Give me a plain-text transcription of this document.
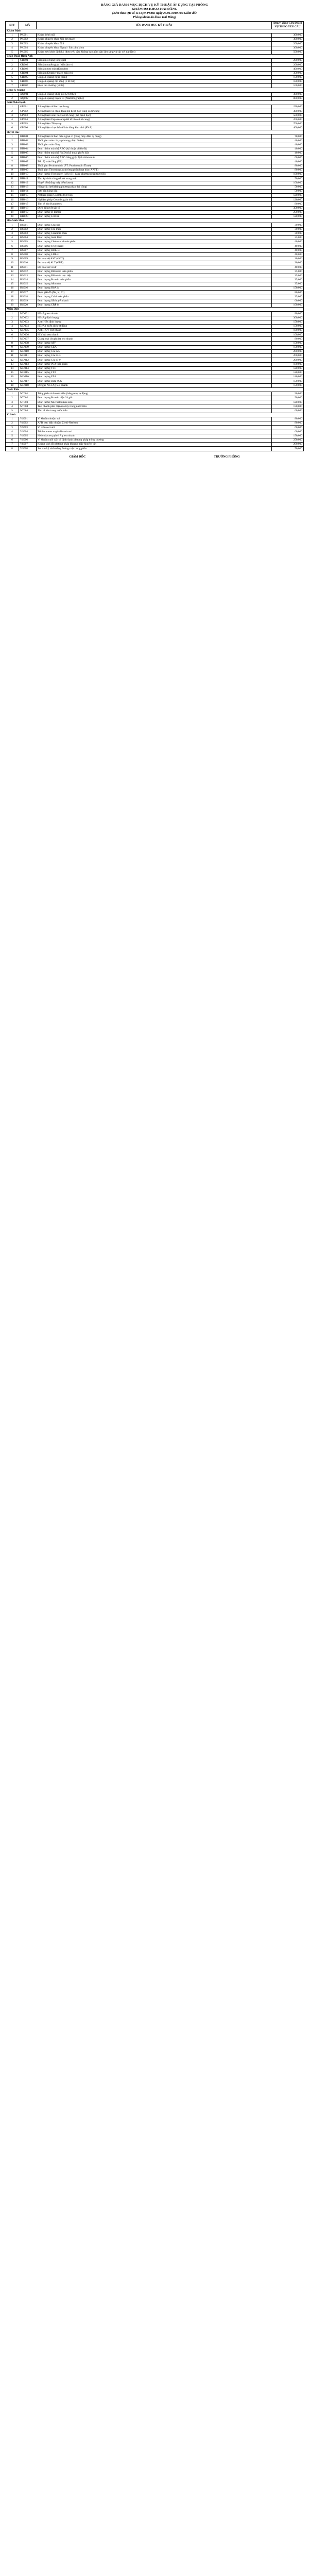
BẢNG GIÁ DANH MỤC DỊCH VỤ KỸ THUẬT ÁP DỤNG TẠI PHÒNG
KHÁM ĐA KHOA HẢI ĐĂNG
(Kèm theo QĐ số 114/QĐ-PKĐK ngày 25/01/2019 của Giám đốc
Phòng khám đa khoa Hải Đăng)
STT	MÃ	TÊN DANH MỤC KỸ THUẬT	Đơn vị đồng GIÁ DỊCH VỤ THEO YÊU CẦU
Khám Bệnh			
1	PK001	Khám bệnh nội	300,000
2	PK002	Khám chuyên khoa Nội tim mạch	300,000
3	PK003	Khám chuyên khoa Nhi	200,000
4	PK004	Khám chuyên khoa Ngoại / Sản phụ khoa	300,000
5	PK005	Khám sức khỏe định kỳ (theo yêu cầu, không bao gồm cận lâm sàng và các xét nghiệm)	500,000
Chẩn Đoán Hình Ảnh			
1	CĐ001	Siêu âm ổ bụng tổng quát	200,000
2	CĐ002	Siêu âm tuyến giáp / siêu âm vú	200,000
3	CĐ003	Siêu âm tim màu (Doppler)	400,000
4	CĐ004	Siêu âm Doppler mạch máu chi	350,000
5	CĐ005	Chụp X-quang ngực thẳng	150,000
6	CĐ006	Chụp X-quang cột sống (1 tư thế)	180,000
7	CĐ007	Điện tim thường (ECG)	100,000
Chụp X-Quang			
1	XQ001	Chụp X-quang khớp gối (2 tư thế)	300,000
2	XQ002	Chụp X-quang tuyến vú (Mammography)	800,000
Giải Phẫu Bệnh			
1	GP001	Xét nghiệm tế bào học bong	250,000
2	GP002	Xét nghiệm và chẩn đoán mô bệnh học vùng cổ tử cung	300,000
3	GP003	Xét nghiệm sinh thiết cổ tử cung (mô bệnh học)	500,000
4	GP004	Xét nghiệm Pap smear (phết tế bào cổ tử cung)	200,000
5	GP005	Xét nghiệm Thinprep	700,000
6	GP006	Xét nghiệm chọc hút tế bào bằng kim nhỏ (FNA)	400,000
Huyết Học			
1	HH001	Xét nghiệm tế bào máu ngoại vi (bằng máy đếm tự động)	70,000
2	HH002	Thời gian máu chảy (phương pháp Duke)	40,000
3	HH003	Thời gian máu đông	40,000
4	HH004	Định nhóm máu hệ ABO (kỹ thuật phiến đá)	40,000
5	HH005	Định nhóm máu hệ Rh(D) (kỹ thuật phiến đá)	40,000
6	HH006	Định nhóm máu hệ ABO bằng giấy định nhóm máu	60,000
7	HH007	Tốc độ máu lắng (VS)	40,000
8	HH008	Thời gian Prothrombin (PT: Prothrombin Time)	80,000
9	HH009	Thời gian Thromboplastin từng phần hoạt hóa (APTT)	80,000
10	HH010	Định lượng Fibrinogen (yếu tố I) bằng phương pháp trực tiếp	100,000
11	HH011	Tìm ký sinh trùng sốt rét trong máu	50,000
12	HH012	Huyết đồ (bằng máy đếm laser)	100,000
13	HH013	Hồng cầu lưới (bằng phương pháp thủ công)	50,000
14	HH014	Sức bền hồng cầu	50,000
15	HH015	Nghiệm pháp Coombs trực tiếp	120,000
16	HH016	Nghiệm pháp Coombs gián tiếp	120,000
17	HH017	Tìm tế bào Hargraves	80,000
18	HH018	Điện di huyết sắc tố	350,000
19	HH019	Định lượng D-Dimer	250,000
20	HH020	Định lượng Ferritin	120,000
Hóa Sinh Máu			
1	HS001	Định lượng Glucose	30,000
2	HS002	Định lượng Urê máu	30,000
3	HS003	Định lượng Creatinin máu	30,000
4	HS004	Định lượng Acid Uric	35,000
5	HS005	Định lượng Cholesterol toàn phần	40,000
6	HS006	Định lượng Triglycerid	40,000
7	HS007	Định lượng HDL-C	40,000
8	HS008	Định lượng LDL-C	40,000
9	HS009	Đo hoạt độ AST (GOT)	30,000
10	HS010	Đo hoạt độ ALT (GPT)	30,000
11	HS011	Đo hoạt độ GGT	40,000
12	HS012	Định lượng Bilirubin toàn phần	35,000
13	HS013	Định lượng Bilirubin trực tiếp	35,000
14	HS014	Định lượng Protein toàn phần	35,000
15	HS015	Định lượng Albumin	35,000
16	HS016	Định lượng HbA1c	150,000
17	HS017	Điện giải đồ (Na, K, Cl)	80,000
18	HS018	Định lượng Calci toàn phần	35,000
19	HS019	Định lượng Sắt huyết thanh	60,000
20	HS020	Định lượng CRP hs	100,000
Miễn Dịch			
1	MD001	HBsAg test nhanh	80,000
2	MD002	HBsAg định lượng	300,000
3	MD003	Anti-HBs định lượng	150,000
4	MD004	HBeAg miễn dịch tự động	150,000
5	MD005	Anti-HCV test nhanh	100,000
6	MD006	HIV Ab test nhanh	100,000
7	MD007	Giang mai (Syphilis) test nhanh	80,000
8	MD008	Định lượng AFP	150,000
9	MD009	Định lượng CEA	150,000
10	MD010	Định lượng CA 125	200,000
11	MD011	Định lượng CA 15-3	200,000
12	MD012	Định lượng CA 19-9	200,000
13	MD013	Định lượng PSA toàn phần	180,000
14	MD014	Định lượng TSH	120,000
15	MD015	Định lượng FT3	120,000
16	MD016	Định lượng FT4	120,000
17	MD017	Định lượng Beta hCG	150,000
18	MD018	Dengue NS1 Ag test nhanh	150,000
Nước Tiểu			
1	NT001	Tổng phân tích nước tiểu (bằng máy tự động)	50,000
2	NT002	Định lượng Protein niệu 24 giờ	50,000
3	NT003	Định lượng Microalbumin niệu	120,000
4	NT004	Test nhanh phát hiện ma túy trong nước tiểu	150,000
5	NT005	Tìm tế bào trong nước tiểu	60,000
Vi Sinh			
1	VS001	Vi khuẩn nhuộm soi	80,000
2	VS002	AFB trực tiếp nhuộm Ziehl-Neelsen	80,000
3	VS003	Vi nấm soi tươi	60,000
4	VS004	Trichomonas vaginalis soi tươi	60,000
5	VS005	Helicobacter pylori Ag test nhanh	150,000
6	VS006	Vi khuẩn nuôi cấy và định danh phương pháp thông thường	250,000
7	VS007	Kháng sinh đồ phương pháp khoanh giấy khuếch tán	200,000
8	VS008	Soi tìm ký sinh trùng đường ruột trong phân	50,000
GIÁM ĐỐC	TRƯỞNG PHÒNG
